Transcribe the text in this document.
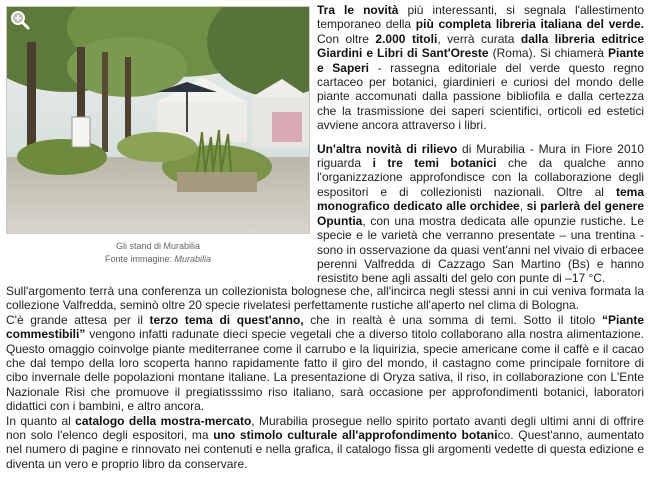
Gli stand di Murabilia
Fonte immagine: Murabilia

Tra le novità più interessanti, si segnala l'allestimento temporaneo della più completa libreria italiana del verde. Con oltre 2.000 titoli, verrà curata dalla libreria editrice Giardini e Libri di Sant'Oreste (Roma). Si chiamerà Piante e Saperi - rassegna editoriale del verde questo regno cartaceo per botanici, giardinieri e curiosi del mondo delle piante accomunati dalla passione bibliofila e dalla certezza che la trasmissione dei saperi scientifici, orticoli ed estetici avviene ancora attraverso i libri.

Un'altra novità di rilievo di Murabilia - Mura in Fiore 2010 riguarda i tre temi botanici che da qualche anno l'organizzazione approfondisce con la collaborazione degli espositori e di collezionisti nazionali. Oltre al tema monografico dedicato alle orchidee, si parlerà del genere Opuntia, con una mostra dedicata alle opunzie rustiche. Le specie e le varietà che verranno presentate – una trentina - sono in osservazione da quasi vent'anni nel vivaio di erbacee perenni Valfredda di Cazzago San Martino (Bs) e hanno resistito bene agli assalti del gelo con punte di –17 °C.

Sull'argomento terrà una conferenza un collezionista bolognese che, all'incirca negli stessi anni in cui veniva formata la collezione Valfredda, seminò oltre 20 specie rivelatesi perfettamente rustiche all'aperto nel clima di Bologna.

C'è grande attesa per il terzo tema di quest'anno, che in realtà è una somma di temi. Sotto il titolo “Piante commestibili” vengono infatti radunate dieci specie vegetali che a diverso titolo collaborano alla nostra alimentazione. Questo omaggio coinvolge piante mediterranee come il carrubo e la liquirizia, specie americane come il caffè e il cacao che dal tempo della loro scoperta hanno rapidamente fatto il giro del mondo, il castagno come principale fornitore di cibo invernale delle popolazioni montane italiane. La presentazione di Oryza sativa, il riso, in collaborazione con L'Ente Nazionale Risi che promuove il pregiatisssimo riso italiano, sarà occasione per approfondimenti botanici, laboratori didattici con i bambini, e altro ancora.

In quanto al catalogo della mostra-mercato, Murabilia prosegue nello spirito portato avanti degli ultimi anni di offrire non solo l'elenco degli espositori, ma uno stimolo culturale all'approfondimento botanico. Quest'anno, aumentato nel numero di pagine e rinnovato nei contenuti e nella grafica, il catalogo fissa gli argomenti vedette di questa edizione e diventa un vero e proprio libro da conservare.
